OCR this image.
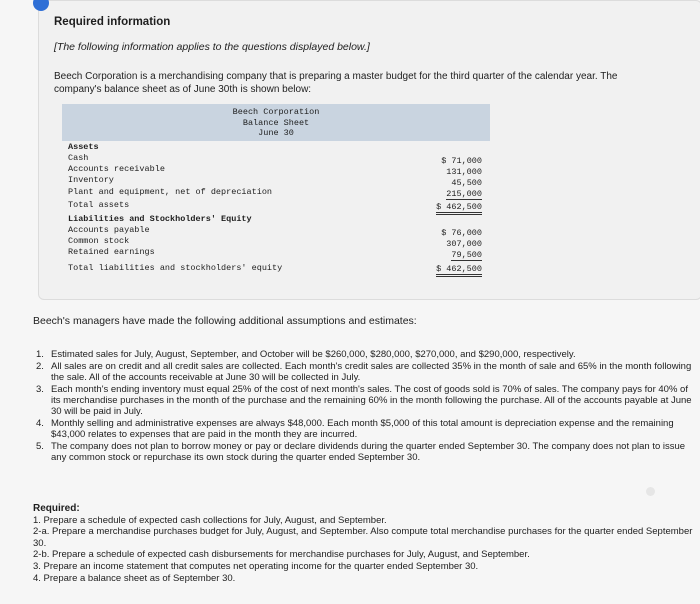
Required information
[The following information applies to the questions displayed below.]
Beech Corporation is a merchandising company that is preparing a master budget for the third quarter of the calendar year. The company's balance sheet as of June 30th is shown below:
Beech Corporation
Balance Sheet
June 30
Assets
Cash	$ 71,000
Accounts receivable	131,000
Inventory	45,500
Plant and equipment, net of depreciation	215,000
Total assets	$ 462,500
Liabilities and Stockholders' Equity
Accounts payable	$ 76,000
Common stock	307,000
Retained earnings	79,500
Total liabilities and stockholders' equity	$ 462,500
Beech's managers have made the following additional assumptions and estimates:
1. Estimated sales for July, August, September, and October will be $260,000, $280,000, $270,000, and $290,000, respectively.
2. All sales are on credit and all credit sales are collected. Each month's credit sales are collected 35% in the month of sale and 65% in the month following the sale. All of the accounts receivable at June 30 will be collected in July.
3. Each month's ending inventory must equal 25% of the cost of next month's sales. The cost of goods sold is 70% of sales. The company pays for 40% of its merchandise purchases in the month of the purchase and the remaining 60% in the month following the purchase. All of the accounts payable at June 30 will be paid in July.
4. Monthly selling and administrative expenses are always $48,000. Each month $5,000 of this total amount is depreciation expense and the remaining $43,000 relates to expenses that are paid in the month they are incurred.
5. The company does not plan to borrow money or pay or declare dividends during the quarter ended September 30. The company does not plan to issue any common stock or repurchase its own stock during the quarter ended September 30.
Required:
1. Prepare a schedule of expected cash collections for July, August, and September.
2-a. Prepare a merchandise purchases budget for July, August, and September. Also compute total merchandise purchases for the quarter ended September 30.
2-b. Prepare a schedule of expected cash disbursements for merchandise purchases for July, August, and September.
3. Prepare an income statement that computes net operating income for the quarter ended September 30.
4. Prepare a balance sheet as of September 30.
